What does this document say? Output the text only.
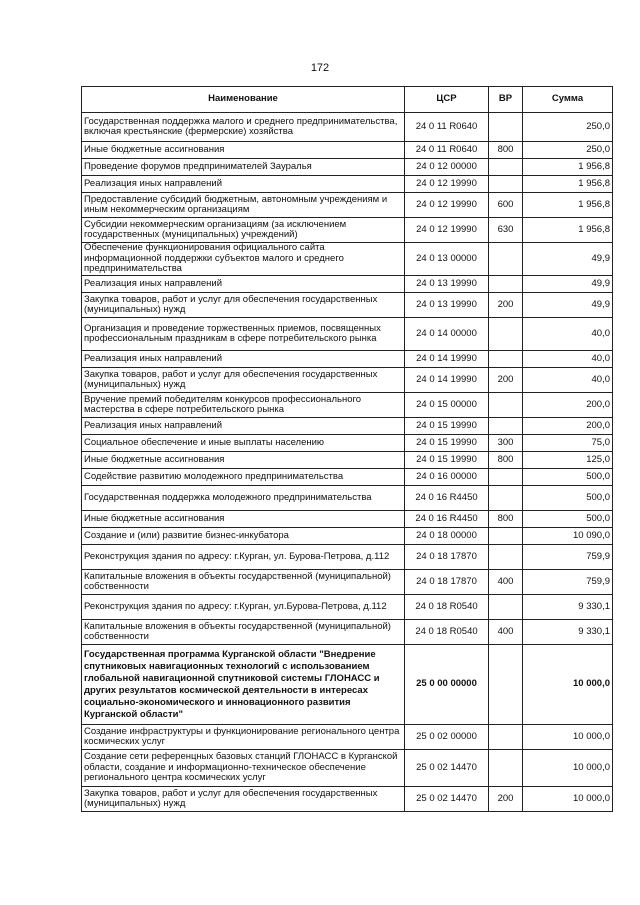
172
Наименование	ЦСР	ВР	Сумма
Государственная поддержка малого и среднего предпринимательства, включая крестьянские (фермерские) хозяйства	24 0 11 R0640		250,0
Иные бюджетные ассигнования	24 0 11 R0640	800	250,0
Проведение форумов предпринимателей Зауралья	24 0 12 00000		1 956,8
Реализация иных направлений	24 0 12 19990		1 956,8
Предоставление субсидий бюджетным, автономным учреждениям и иным некоммерческим организациям	24 0 12 19990	600	1 956,8
Субсидии некоммерческим организациям (за исключением государственных (муниципальных) учреждений)	24 0 12 19990	630	1 956,8
Обеспечение функционирования официального сайта информационной поддержки субъектов малого и среднего предпринимательства	24 0 13 00000		49,9
Реализация иных направлений	24 0 13 19990		49,9
Закупка товаров, работ и услуг для обеспечения государственных (муниципальных) нужд	24 0 13 19990	200	49,9
Организация и проведение торжественных приемов, посвященных профессиональным праздникам в сфере потребительского рынка	24 0 14 00000		40,0
Реализация иных направлений	24 0 14 19990		40,0
Закупка товаров, работ и услуг для обеспечения государственных (муниципальных) нужд	24 0 14 19990	200	40,0
Вручение премий победителям конкурсов профессионального мастерства в сфере потребительского рынка	24 0 15 00000		200,0
Реализация иных направлений	24 0 15 19990		200,0
Социальное обеспечение и иные выплаты населению	24 0 15 19990	300	75,0
Иные бюджетные ассигнования	24 0 15 19990	800	125,0
Содействие развитию молодежного предпринимательства	24 0 16 00000		500,0
Государственная поддержка молодежного предпринимательства	24 0 16 R4450		500,0
Иные бюджетные ассигнования	24 0 16 R4450	800	500,0
Создание и (или) развитие бизнес-инкубатора	24 0 18 00000		10 090,0
Реконструкция здания по адресу: г.Курган, ул. Бурова-Петрова, д.112	24 0 18 17870		759,9
Капитальные вложения в объекты государственной (муниципальной) собственности	24 0 18 17870	400	759,9
Реконструкция здания по адресу: г.Курган, ул.Бурова-Петрова, д.112	24 0 18 R0540		9 330,1
Капитальные вложения в объекты государственной (муниципальной) собственности	24 0 18 R0540	400	9 330,1
Государственная программа Курганской области "Внедрение спутниковых навигационных технологий с использованием глобальной навигационной спутниковой системы ГЛОНАСС и других результатов космической деятельности в интересах социально-экономического и инновационного развития Курганской области"	25 0 00 00000		10 000,0
Создание инфраструктуры и функционирование регионального центра космических услуг	25 0 02 00000		10 000,0
Создание сети референцных базовых станций ГЛОНАСС в Курганской области, создание и информационно-техническое обеспечение регионального центра космических услуг	25 0 02 14470		10 000,0
Закупка товаров, работ и услуг для обеспечения государственных (муниципальных) нужд	25 0 02 14470	200	10 000,0
